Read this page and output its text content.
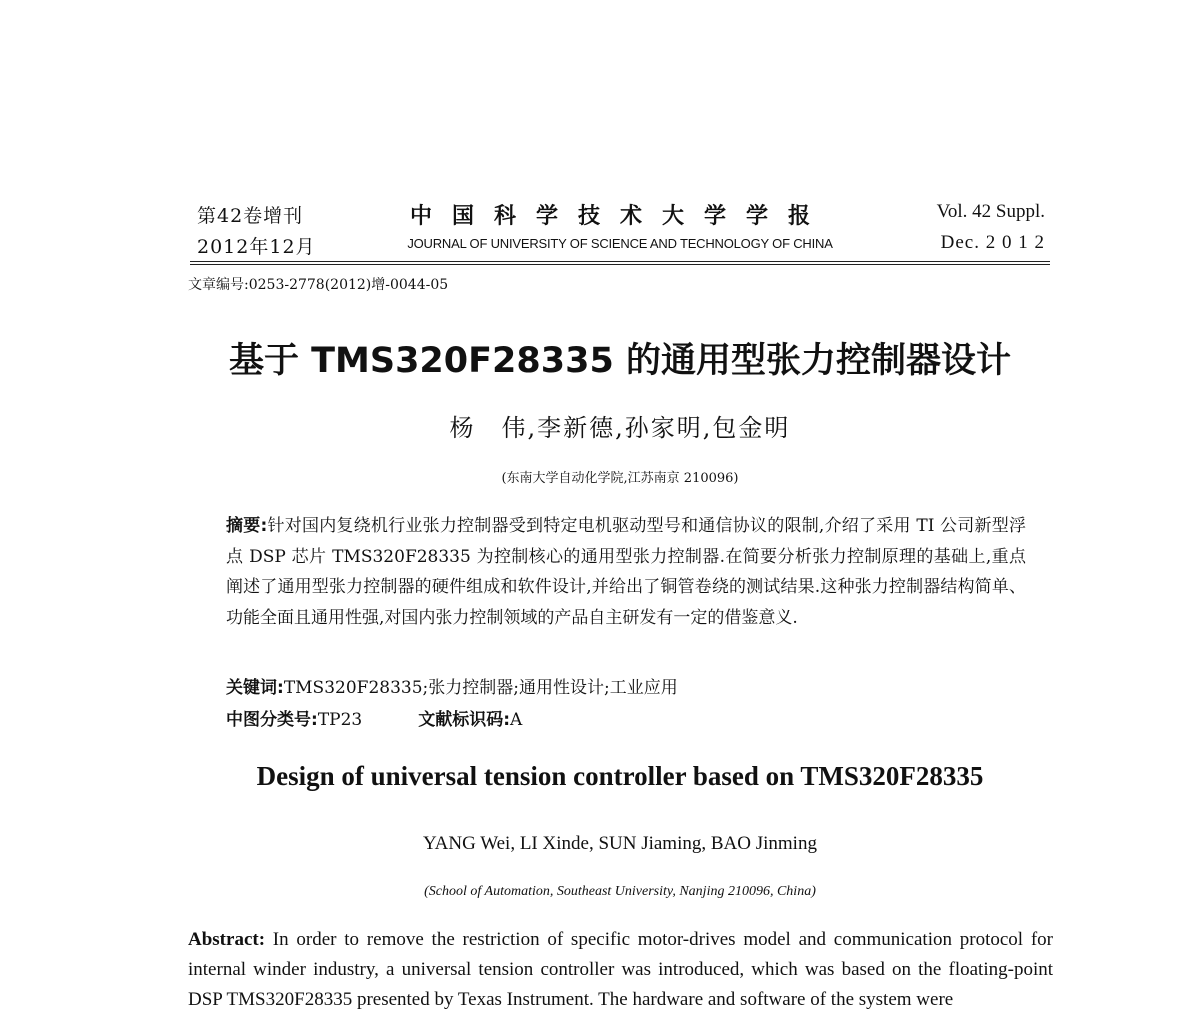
第42卷增刊
2012年12月
中国科学技术大学学报
JOURNAL OF UNIVERSITY OF SCIENCE AND TECHNOLOGY OF CHINA
Vol. 42 Suppl.
Dec. 2 0 1 2
文章编号:0253-2778(2012)增-0044-05
基于 TMS320F28335 的通用型张力控制器设计
杨　伟,李新德,孙家明,包金明
(东南大学自动化学院,江苏南京 210096)
摘要:针对国内复绕机行业张力控制器受到特定电机驱动型号和通信协议的限制,介绍了采用 TI 公司新型浮点 DSP 芯片 TMS320F28335 为控制核心的通用型张力控制器.在简要分析张力控制原理的基础上,重点阐述了通用型张力控制器的硬件组成和软件设计,并给出了铜管卷绕的测试结果.这种张力控制器结构简单、功能全面且通用性强,对国内张力控制领域的产品自主研发有一定的借鉴意义.
关键词:TMS320F28335;张力控制器;通用性设计;工业应用
中图分类号:TP23	文献标识码:A
Design of universal tension controller based on TMS320F28335
YANG Wei, LI Xinde, SUN Jiaming, BAO Jinming
(School of Automation, Southeast University, Nanjing 210096, China)
Abstract: In order to remove the restriction of specific motor-drives model and communication protocol for internal winder industry, a universal tension controller was introduced, which was based on the floating-point DSP TMS320F28335 presented by Texas Instrument. The hardware and software of the system were
